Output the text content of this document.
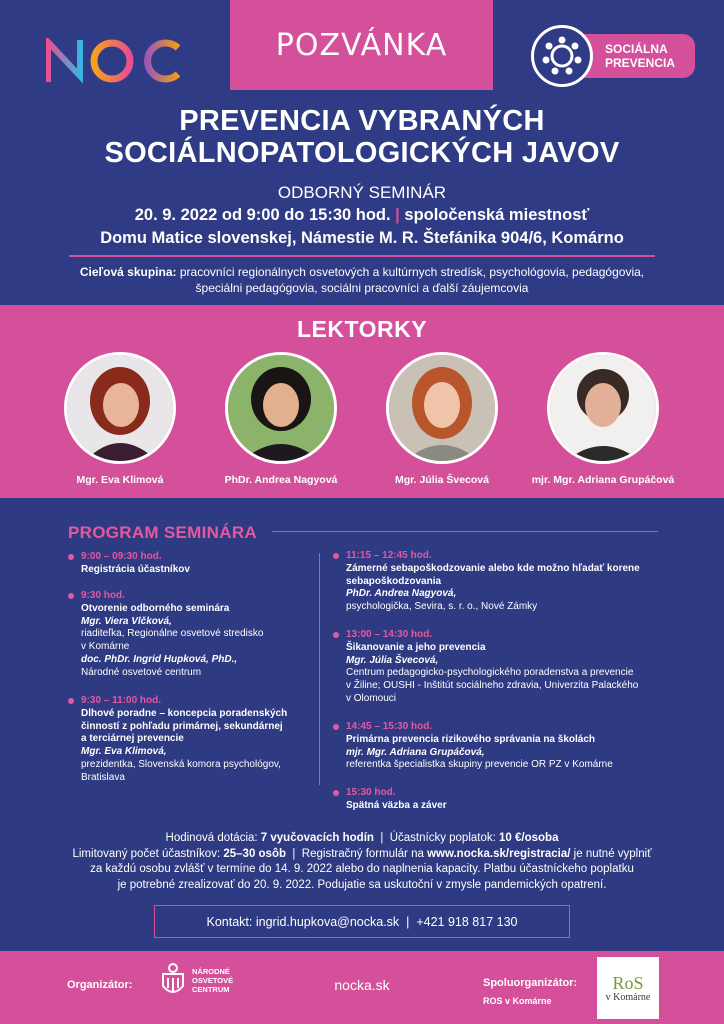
POZVÁNKA	SOCIÁLNA
PREVENCIA
PREVENCIA VYBRANÝCH
SOCIÁLNOPATOLOGICKÝCH JAVOV
ODBORNÝ SEMINÁR
20. 9. 2022 od 9:00 do 15:30 hod. | spoločenská miestnosť
Domu Matice slovenskej, Námestie M. R. Štefánika 904/6, Komárno
Cieľová skupina: pracovníci regionálnych osvetových a kultúrnych stredísk, psychológovia, pedagógovia, špeciálni pedagógovia, sociálni pracovníci a ďalší záujemcovia
LEKTORKY
Mgr. Eva Klimová	PhDr. Andrea Nagyová	Mgr. Júlia Švecová	mjr. Mgr. Adriana Grupáčová
PROGRAM SEMINÁRA
9:00 – 09:30 hod.
Registrácia účastníkov
9:30 hod.
Otvorenie odborného seminára
Mgr. Viera Vlčková,
riaditeľka, Regionálne osvetové stredisko
v Komárne
doc. PhDr. Ingrid Hupková, PhD.,
Národné osvetové centrum
9:30 – 11:00 hod.
Dlhové poradne – koncepcia poradenských
činností z pohľadu primárnej, sekundárnej
a terciárnej prevencie
Mgr. Eva Klimová,
prezidentka, Slovenská komora psychológov,
Bratislava
11:15 – 12:45 hod.
Zámerné sebapoškodzovanie alebo kde možno hľadať korene
sebapoškodzovania
PhDr. Andrea Nagyová,
psychologička, Sevira, s. r. o., Nové Zámky
13:00 – 14:30 hod.
Šikanovanie a jeho prevencia
Mgr. Júlia Švecová,
Centrum pedagogicko-psychologického poradenstva a prevencie
v Žiline; OUSHI - Inštitút sociálneho zdravia, Univerzita Palackého
v Olomouci
14:45 – 15:30 hod.
Primárna prevencia rizikového správania na školách
mjr. Mgr. Adriana Grupáčová,
referentka špecialistka skupiny prevencie OR PZ v Komárne
15:30 hod.
Spätná väzba a záver
Hodinová dotácia: 7 vyučovacích hodín | Účastnícky poplatok: 10 €/osoba
Limitovaný počet účastníkov: 25–30 osôb | Registračný formulár na www.nocka.sk/registracia/ je nutné vyplniť
za každú osobu zvlášť v termíne do 14. 9. 2022 alebo do naplnenia kapacity. Platbu účastníckeho poplatku
je potrebné zrealizovať do 20. 9. 2022. Podujatie sa uskutoční v zmysle pandemických opatrení.
Kontakt:
ingrid.hupkova@nocka.sk
|
+421 918 817 130
Organizátor:
NÁRODNÉ
OSVETOVÉ
CENTRUM	nocka.sk	Spoluorganizátor:
ROS v Komárne
RoS
v Komárne
